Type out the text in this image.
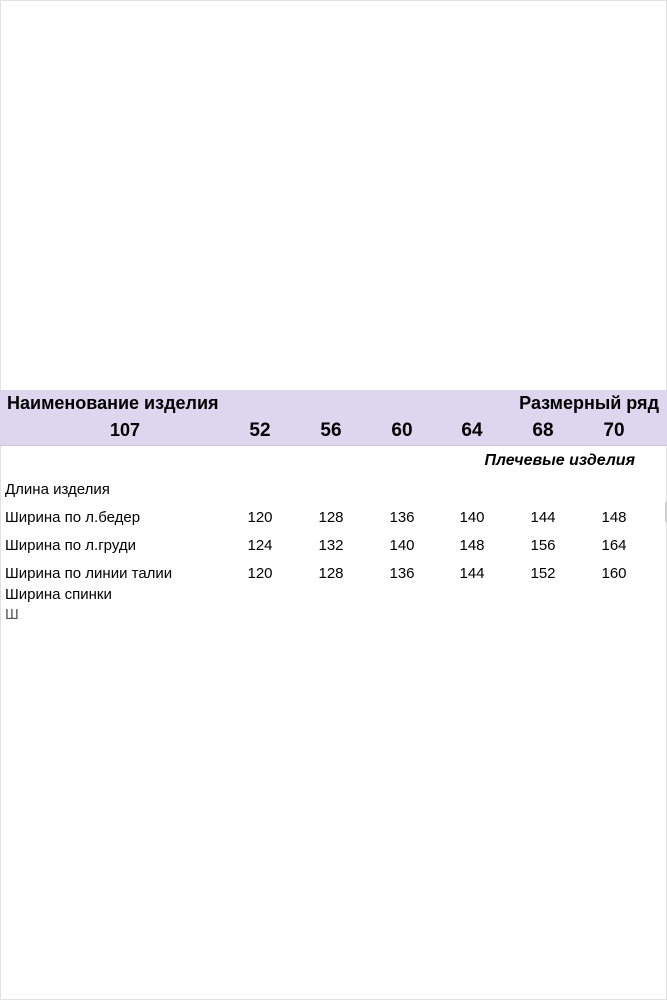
Наименование изделия	Размерный ряд
107	52	56	60	64	68	70
Плечевые изделия
Длина изделия
Ширина по л.бедер	120	128	136	140	144	148
Ширина по л.груди	124	132	140	148	156	164
Ширина по линии талии	120	128	136	144	152	160
Ширина спинки
Ш
